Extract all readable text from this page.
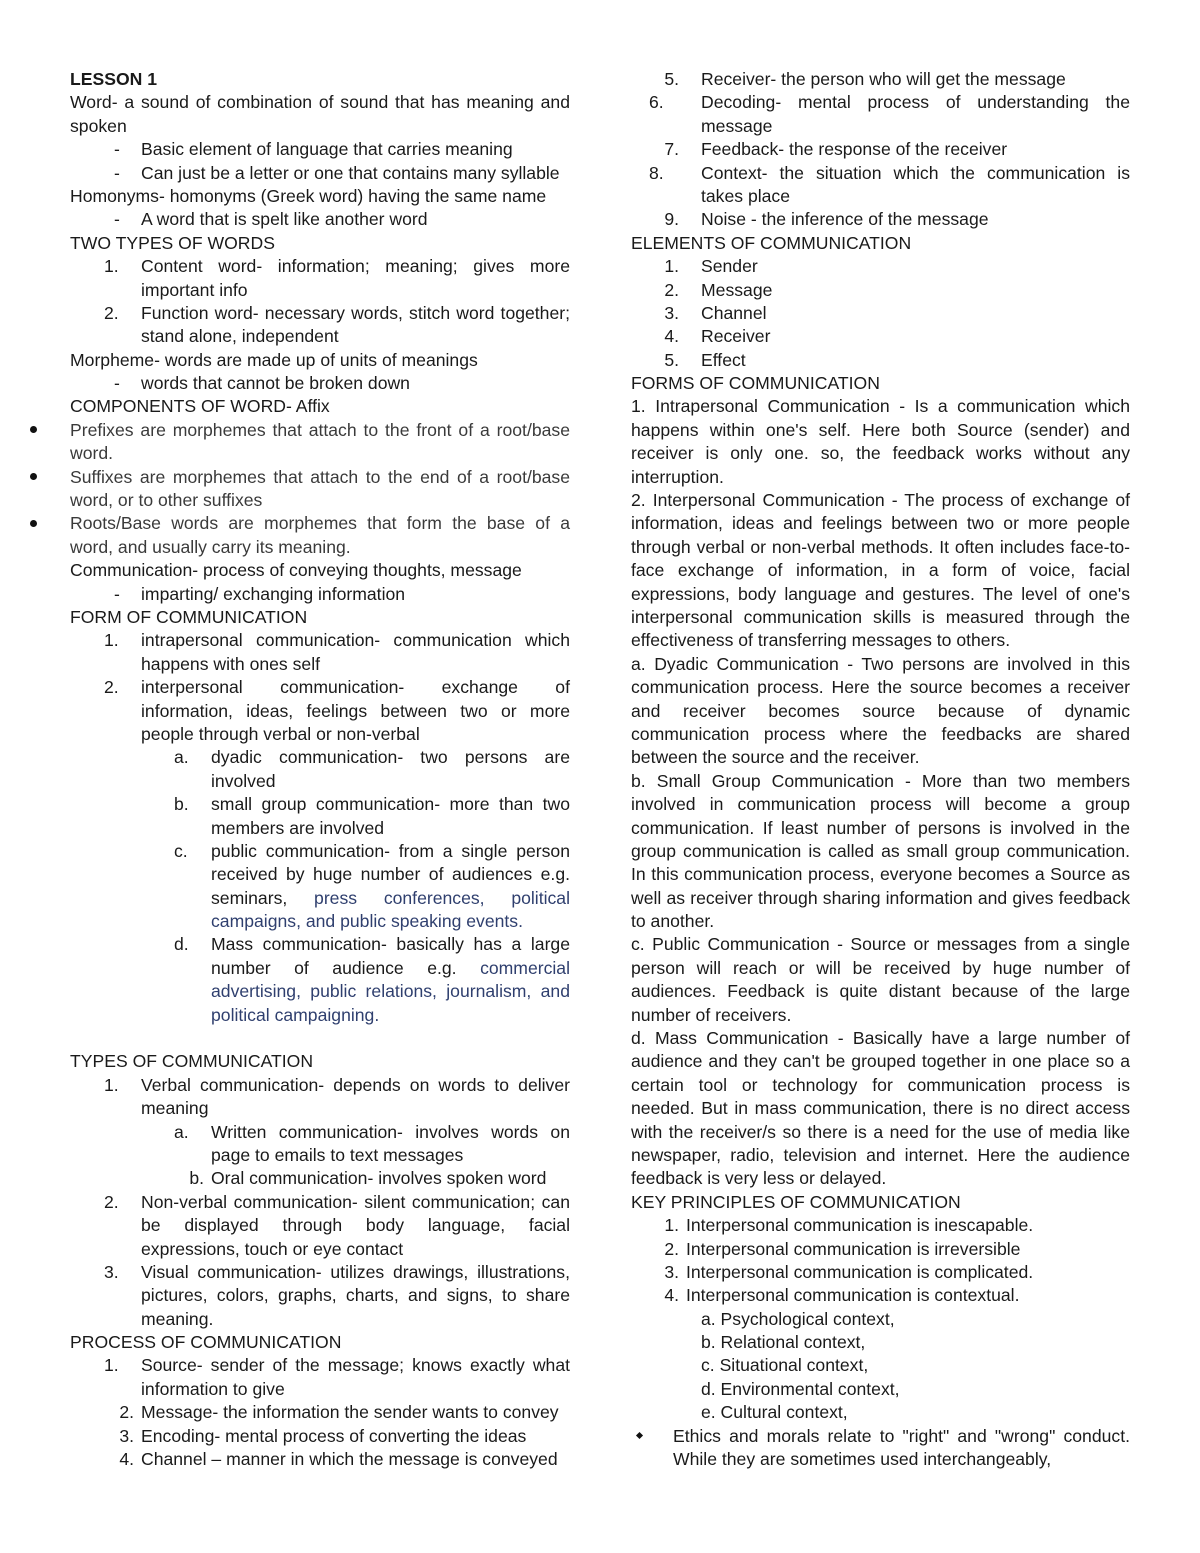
LESSON 1
Word- a sound of combination of sound that has meaning and
spoken
- Basic element of language that carries meaning
- Can just be a letter or one that contains many syllable
Homonyms- homonyms (Greek word) having the same name
- A word that is spelt like another word
TWO TYPES OF WORDS
1.	Content word- information; meaning; gives more
important info
2.	Function word- necessary words, stitch word together;
stand alone, independent
Morpheme- words are made up of units of meanings
- words that cannot be broken down
COMPONENTS OF WORD- Affix
Prefixes are morphemes that attach to the front of a root/base
word.
Suffixes are morphemes that attach to the end of a root/base
word, or to other suffixes
Roots/Base words are morphemes that form the base of a
word, and usually carry its meaning.
Communication- process of conveying thoughts, message
- imparting/ exchanging information
FORM OF COMMUNICATION
1.	intrapersonal communication- communication which
happens with ones self
2.	interpersonal communication- exchange of
information, ideas, feelings between two or more
people through verbal or non-verbal
a.	dyadic communication- two persons are
involved
b.	small group communication- more than two
members are involved
c.	public communication- from a single person
received by huge number of audiences e.g.
seminars, press conferences, political
campaigns, and public speaking events.
d.	Mass communication- basically has a large
number of audience e.g. commercial
advertising, public relations, journalism, and
political campaigning.
TYPES OF COMMUNICATION
1.	Verbal communication- depends on words to deliver
meaning
a.	Written communication- involves words on
page to emails to text messages
b. Oral communication- involves spoken word
2.	Non-verbal communication- silent communication; can
be displayed through body language, facial
expressions, touch or eye contact
3.	Visual communication- utilizes drawings, illustrations,
pictures, colors, graphs, charts, and signs, to share
meaning.
PROCESS OF COMMUNICATION
1.	Source- sender of the message; knows exactly what
information to give
2. Message- the information the sender wants to convey
3. Encoding- mental process of converting the ideas
4. Channel – manner in which the message is conveyed
5. Receiver- the person who will get the message
6.	Decoding- mental process of understanding the
message
7. Feedback- the response of the receiver
8.	Context- the situation which the communication is
takes place
9. Noise - the inference of the message
ELEMENTS OF COMMUNICATION
1. Sender
2. Message
3. Channel
4. Receiver
5. Effect
FORMS OF COMMUNICATION
1. Intrapersonal Communication - Is a communication which
happens within one's self. Here both Source (sender) and
receiver is only one. so, the feedback works without any
interruption.
2. Interpersonal Communication - The process of exchange of
information, ideas and feelings between two or more people
through verbal or non-verbal methods. It often includes face-to-
face exchange of information, in a form of voice, facial
expressions, body language and gestures. The level of one's
interpersonal communication skills is measured through the
effectiveness of transferring messages to others.
a. Dyadic Communication - Two persons are involved in this
communication process. Here the source becomes a receiver
and receiver becomes source because of dynamic
communication process where the feedbacks are shared
between the source and the receiver.
b. Small Group Communication - More than two members
involved in communication process will become a group
communication. If least number of persons is involved in the
group communication is called as small group communication.
In this communication process, everyone becomes a Source as
well as receiver through sharing information and gives feedback
to another.
c. Public Communication - Source or messages from a single
person will reach or will be received by huge number of
audiences. Feedback is quite distant because of the large
number of receivers.
d. Mass Communication - Basically have a large number of
audience and they can't be grouped together in one place so a
certain tool or technology for communication process is
needed. But in mass communication, there is no direct access
with the receiver/s so there is a need for the use of media like
newspaper, radio, television and internet. Here the audience
feedback is very less or delayed.
KEY PRINCIPLES OF COMMUNICATION
1. Interpersonal communication is inescapable.
2. Interpersonal communication is irreversible
3. Interpersonal communication is complicated.
4. Interpersonal communication is contextual.
a. Psychological context,
b. Relational context,
c. Situational context,
d. Environmental context,
e. Cultural context,
Ethics and morals relate to "right" and "wrong" conduct.
While they are sometimes used interchangeably,
